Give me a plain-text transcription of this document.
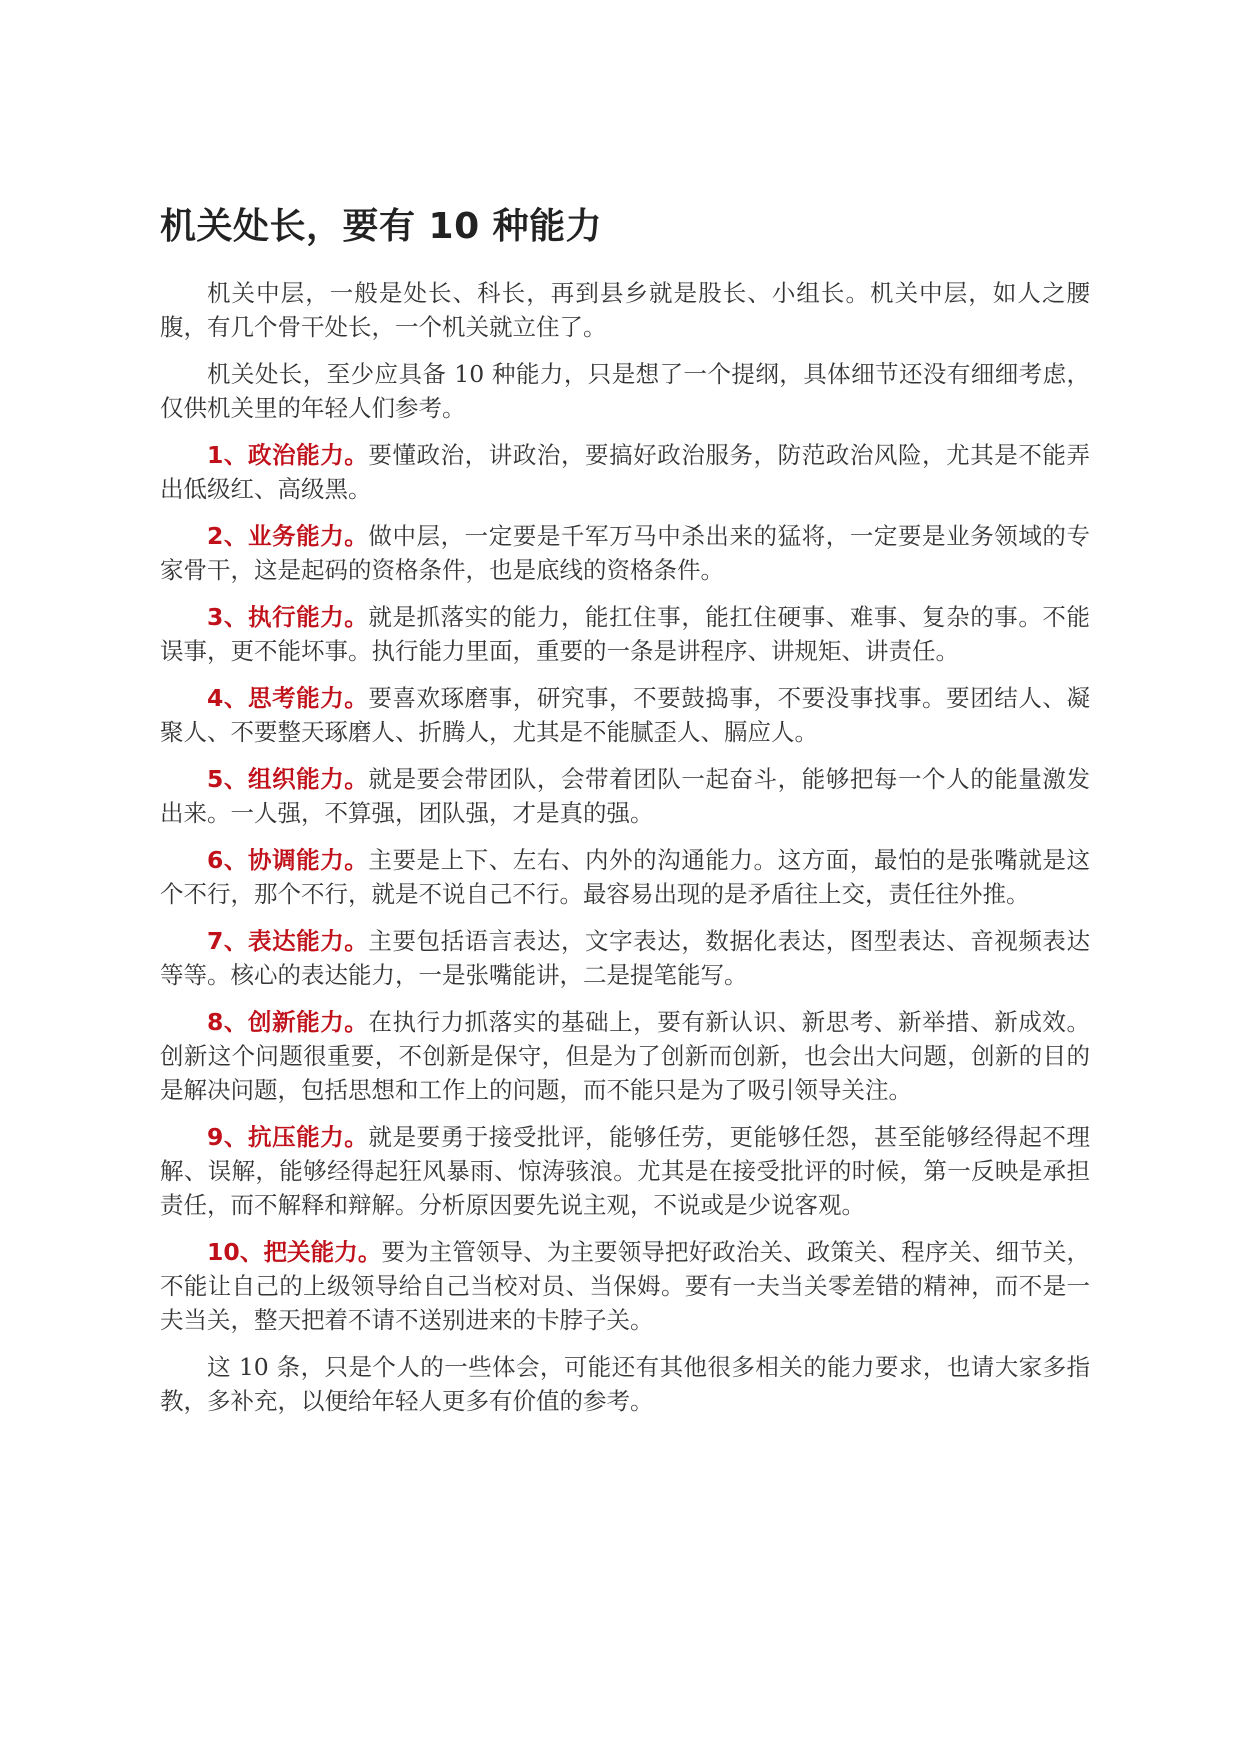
机关处长，要有 10 种能力

机关中层，一般是处长、科长，再到县乡就是股长、小组长。机关中层，如人之腰腹，有几个骨干处长，一个机关就立住了。

机关处长，至少应具备 10 种能力，只是想了一个提纲，具体细节还没有细细考虑，仅供机关里的年轻人们参考。

1、政治能力。要懂政治，讲政治，要搞好政治服务，防范政治风险，尤其是不能弄出低级红、高级黑。

2、业务能力。做中层，一定要是千军万马中杀出来的猛将，一定要是业务领域的专家骨干，这是起码的资格条件，也是底线的资格条件。

3、执行能力。就是抓落实的能力，能扛住事，能扛住硬事、难事、复杂的事。不能误事，更不能坏事。执行能力里面，重要的一条是讲程序、讲规矩、讲责任。

4、思考能力。要喜欢琢磨事，研究事，不要鼓捣事，不要没事找事。要团结人、凝聚人、不要整天琢磨人、折腾人，尤其是不能腻歪人、膈应人。

5、组织能力。就是要会带团队，会带着团队一起奋斗，能够把每一个人的能量激发出来。一人强，不算强，团队强，才是真的强。

6、协调能力。主要是上下、左右、内外的沟通能力。这方面，最怕的是张嘴就是这个不行，那个不行，就是不说自己不行。最容易出现的是矛盾往上交，责任往外推。

7、表达能力。主要包括语言表达，文字表达，数据化表达，图型表达、音视频表达等等。核心的表达能力，一是张嘴能讲，二是提笔能写。

8、创新能力。在执行力抓落实的基础上，要有新认识、新思考、新举措、新成效。创新这个问题很重要，不创新是保守，但是为了创新而创新，也会出大问题，创新的目的是解决问题，包括思想和工作上的问题，而不能只是为了吸引领导关注。

9、抗压能力。就是要勇于接受批评，能够任劳，更能够任怨，甚至能够经得起不理解、误解，能够经得起狂风暴雨、惊涛骇浪。尤其是在接受批评的时候，第一反映是承担责任，而不解释和辩解。分析原因要先说主观，不说或是少说客观。

10、把关能力。要为主管领导、为主要领导把好政治关、政策关、程序关、细节关，不能让自己的上级领导给自己当校对员、当保姆。要有一夫当关零差错的精神，而不是一夫当关，整天把着不请不送别进来的卡脖子关。

这 10 条，只是个人的一些体会，可能还有其他很多相关的能力要求，也请大家多指教，多补充，以便给年轻人更多有价值的参考。
